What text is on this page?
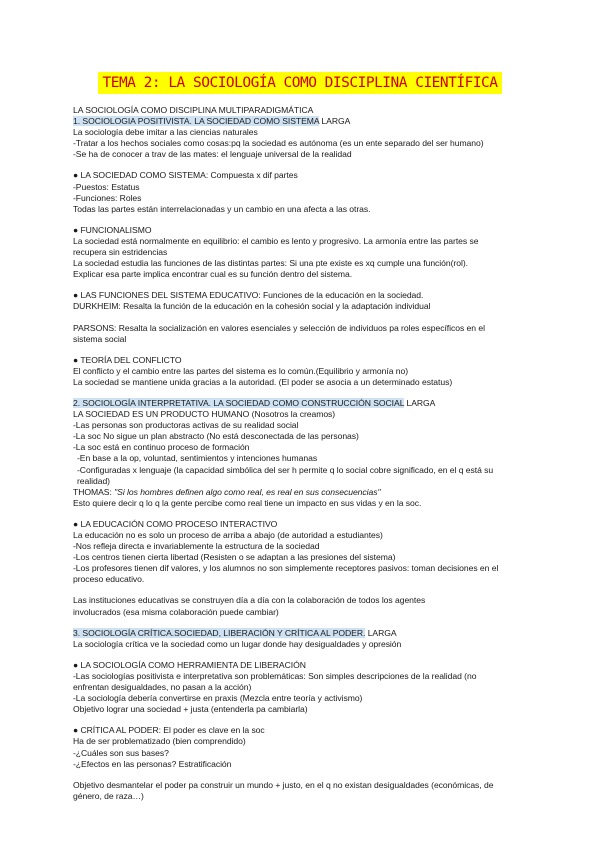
TEMA 2: LA SOCIOLOGÍA COMO DISCIPLINA CIENTÍFICA
LA SOCIOLOGÍA COMO DISCIPLINA MULTIPARADIGMÁTICA
1. SOCIOLOGIA POSITIVISTA. LA SOCIEDAD COMO SISTEMA LARGA
La sociología debe imitar a las ciencias naturales
-Tratar a los hechos sociales como cosas:pq la sociedad es autónoma (es un ente separado del ser humano)
-Se ha de conocer a trav de las mates: el lenguaje universal de la realidad
● LA SOCIEDAD COMO SISTEMA: Compuesta x dif partes
-Puestos: Estatus
-Funciones: Roles
Todas las partes están interrelacionadas y un cambio en una afecta a las otras.
● FUNCIONALISMO
La sociedad está normalmente en equilibrio: el cambio es lento y progresivo. La armonía entre las partes se
recupera sin estridencias
La sociedad estudia las funciones de las distintas partes: Si una pte existe es xq cumple una función(rol).
Explicar esa parte implica encontrar cual es su función dentro del sistema.
● LAS FUNCIONES DEL SISTEMA EDUCATIVO: Funciones de la educación en la sociedad.
DURKHEIM: Resalta la función de la educación en la cohesión social y la adaptación individual
PARSONS: Resalta la socialización en valores esenciales y selección de individuos pa roles específicos en el
sistema social
● TEORÍA DEL CONFLICTO
El conflicto y el cambio entre las partes del sistema es lo común.(Equilibrio y armonía no)
La sociedad se mantiene unida gracias a la autoridad. (El poder se asocia a un determinado estatus)
2. SOCIOLOGÍA INTERPRETATIVA. LA SOCIEDAD COMO CONSTRUCCIÓN SOCIAL LARGA
LA SOCIEDAD ES UN PRODUCTO HUMANO (Nosotros la creamos)
-Las personas son productoras activas de su realidad social
-La soc No sigue un plan abstracto (No está desconectada de las personas)
-La soc está en continuo proceso de formación
-En base a la op, voluntad, sentimientos y intenciones humanas
-Configuradas x lenguaje (la capacidad simbólica del ser h permite q lo social cobre significado, en el q está su
realidad)
THOMAS: "Si los hombres definen algo como real, es real en sus consecuencias"
Esto quiere decir q lo q la gente percibe como real tiene un impacto en sus vidas y en la soc.
● LA EDUCACIÓN COMO PROCESO INTERACTIVO
La educación no es solo un proceso de arriba a abajo (de autoridad a estudiantes)
-Nos refleja directa e invariablemente la estructura de la sociedad
-Los centros tienen cierta libertad (Resisten o se adaptan a las presiones del sistema)
-Los profesores tienen dif valores, y los alumnos no son simplemente receptores pasivos: toman decisiones en el
proceso educativo.
Las instituciones educativas se construyen día a día con la colaboración de todos los agentes
involucrados (esa misma colaboración puede cambiar)
3. SOCIOLOGÍA CRÍTICA.SOCIEDAD, LIBERACIÓN Y CRÍTICA AL PODER. LARGA
La sociología crítica ve la sociedad como un lugar donde hay desigualdades y opresión
● LA SOCIOLOGÍA COMO HERRAMIENTA DE LIBERACIÓN
-Las sociologías positivista e interpretativa son problemáticas: Son simples descripciones de la realidad (no
enfrentan desigualdades, no pasan a la acción)
-La sociología debería convertirse en praxis (Mezcla entre teoría y activismo)
Objetivo lograr una sociedad + justa (entenderla pa cambiarla)
● CRÍTICA AL PODER: El poder es clave en la soc
Ha de ser problematizado (bien comprendido)
-¿Cuáles son sus bases?
-¿Efectos en las personas? Estratificación
Objetivo desmantelar el poder pa construir un mundo + justo, en el q no existan desigualdades (económicas, de
género, de raza…)
